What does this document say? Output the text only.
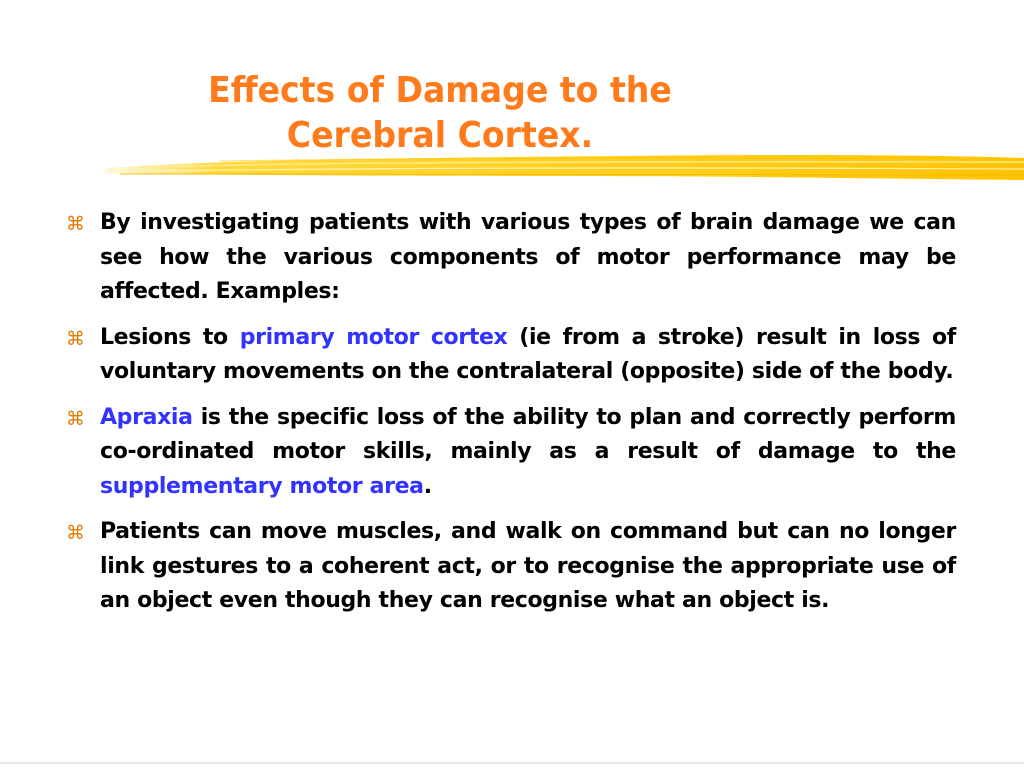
Effects of Damage to the
Cerebral Cortex.
⌘ By investigating patients with various types of brain damage we can see how the various components of motor performance may be affected. Examples:
⌘ Lesions to primary motor cortex (ie from a stroke) result in loss of voluntary movements on the contralateral (opposite) side of the body.
⌘ Apraxia is the specific loss of the ability to plan and correctly perform co-ordinated motor skills, mainly as a result of damage to the supplementary motor area.
⌘ Patients can move muscles, and walk on command but can no longer link gestures to a coherent act, or to recognise the appropriate use of an object even though they can recognise what an object is.
